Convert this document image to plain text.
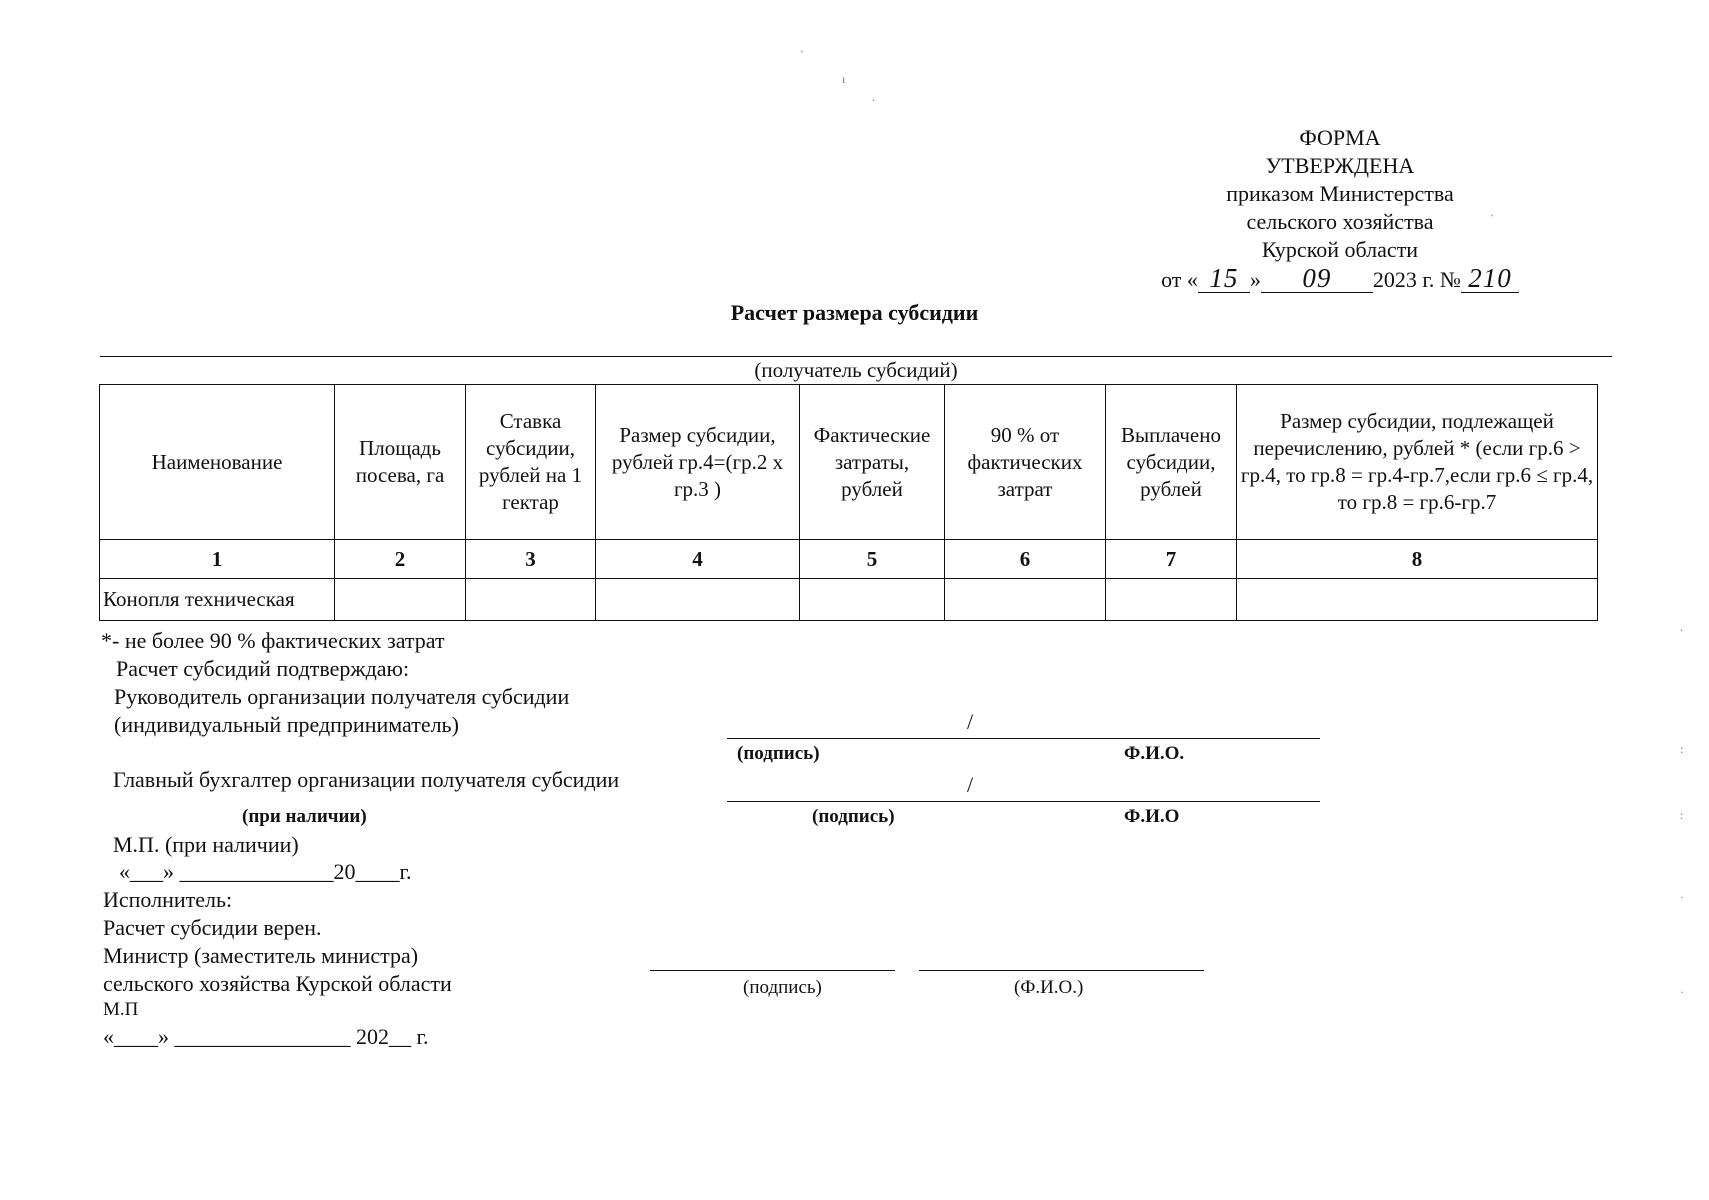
ФОРМА
УТВЕРЖДЕНА
приказом Министерства
сельского хозяйства
Курской области
от « 15 » 09 2023 г. № 210
Расчет размера субсидии
(получатель субсидий)
Наименование	Площадь посева, га	Ставка субсидии, рублей на 1 гектар	Размер субсидии, рублей гр.4=(гр.2 х гр.3 )	Фактические затраты, рублей	90 % от фактических затрат	Выплачено субсидии, рублей	Размер субсидии, подлежащей перечислению, рублей * (если гр.6 > гр.4, то гр.8 = гр.4-гр.7,если гр.6 ≤ гр.4, то гр.8 = гр.6-гр.7
1	2	3	4	5	6	7	8
Конопля техническая							
*- не более 90 % фактических затрат
Расчет субсидий подтверждаю:
Руководитель организации получателя субсидии
(индивидуальный предприниматель)	/
(подпись)	Ф.И.О.
Главный бухгалтер организации получателя субсидии	/
(при наличии)	(подпись)	Ф.И.О
М.П. (при наличии)
«___» ______________20____г.
Исполнитель:
Расчет субсидии верен.
Министр (заместитель министра)
сельского хозяйства Курской области	(подпись)	(Ф.И.О.)
М.П
«____» ________________ 202__ г.
ˋ
ı
.
ˋ
.
:
:
·
·
